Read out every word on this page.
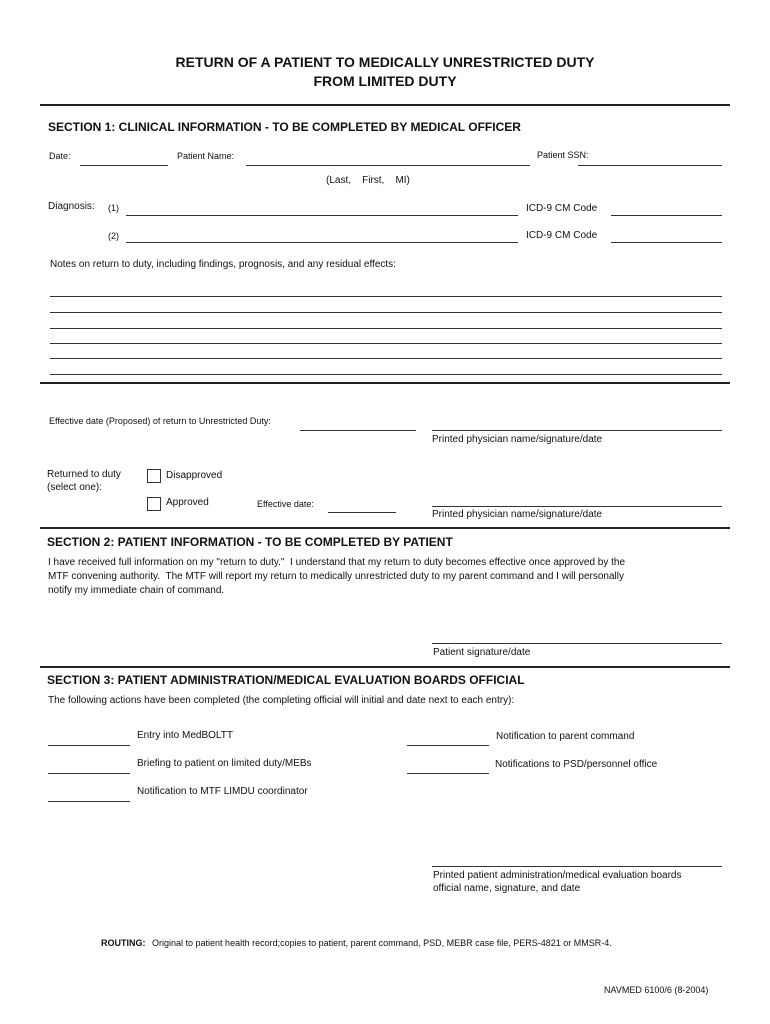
RETURN OF A PATIENT TO MEDICALLY UNRESTRICTED DUTY
FROM LIMITED DUTY
SECTION 1: CLINICAL INFORMATION - TO BE COMPLETED BY MEDICAL OFFICER
Date:	Patient Name:	Patient SSN:
(Last,    First,    MI)
Diagnosis: (1)	ICD-9 CM Code
(2)	ICD-9 CM Code
Notes on return to duty, including findings, prognosis, and any residual effects:
Effective date (Proposed) of return to Unrestricted Duty:
Printed physician name/signature/date
Returned to duty
(select one):
Disapproved
Approved	Effective date:
Printed physician name/signature/date
SECTION 2: PATIENT INFORMATION - TO BE COMPLETED BY PATIENT
I have received full information on my "return to duty."  I understand that my return to duty becomes effective once approved by the
MTF convening authority.  The MTF will report my return to medically unrestricted duty to my parent command and I will personally
notify my immediate chain of command.
Patient signature/date
SECTION 3: PATIENT ADMINISTRATION/MEDICAL EVALUATION BOARDS OFFICIAL
The following actions have been completed (the completing official will initial and date next to each entry):
Entry into MedBOLTT
Briefing to patient on limited duty/MEBs
Notification to MTF LIMDU coordinator
Notification to parent command
Notifications to PSD/personnel office
Printed patient administration/medical evaluation boards
official name, signature, and date
ROUTING: Original to patient health record;copies to patient, parent command, PSD, MEBR case file, PERS-4821 or MMSR-4.
NAVMED 6100/6 (8-2004)
